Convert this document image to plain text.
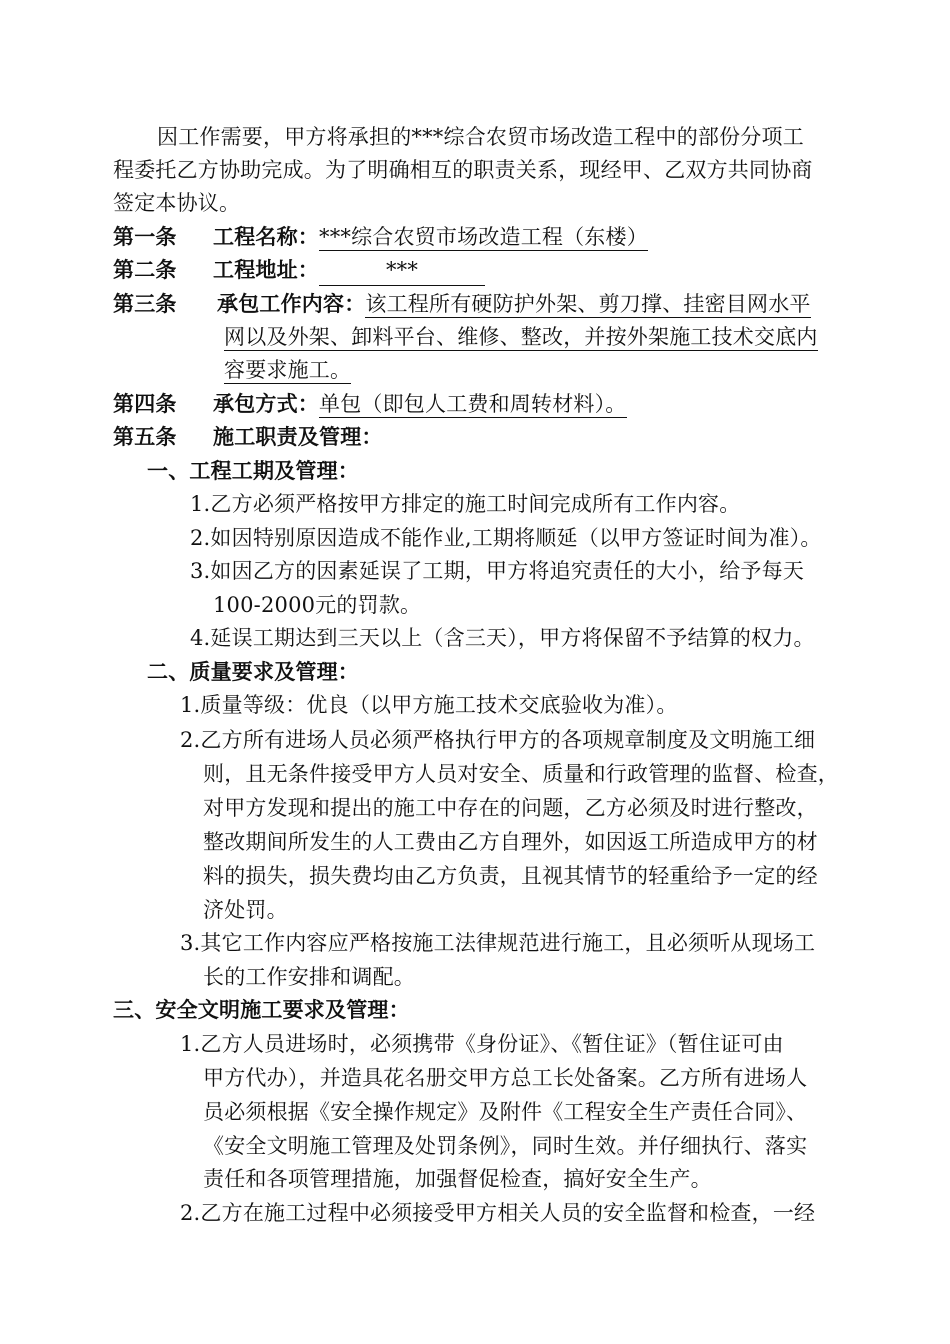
因工作需要，甲方将承担的***综合农贸市场改造工程中的部份分项工
程委托乙方协助完成。为了明确相互的职责关系，现经甲、乙双方共同协商
签定本协议。
第一条 工程名称：***综合农贸市场改造工程（东楼）
第二条 工程地址：	***
第三条 承包工作内容：该工程所有硬防护外架、剪刀撑、挂密目网水平
网以及外架、卸料平台、维修、整改，并按外架施工技术交底内
容要求施工。
第四条 承包方式：单包（即包人工费和周转材料）。
第五条 施工职责及管理：
一、工程工期及管理：
1.乙方必须严格按甲方排定的施工时间完成所有工作内容。
2.如因特别原因造成不能作业,工期将顺延（以甲方签证时间为准）。
3.如因乙方的因素延误了工期，甲方将追究责任的大小，给予每天
100-2000元的罚款。
4.延误工期达到三天以上（含三天），甲方将保留不予结算的权力。
二、质量要求及管理：
1.质量等级：优良（以甲方施工技术交底验收为准）。
2.乙方所有进场人员必须严格执行甲方的各项规章制度及文明施工细
则，且无条件接受甲方人员对安全、质量和行政管理的监督、检查，
对甲方发现和提出的施工中存在的问题，乙方必须及时进行整改，
整改期间所发生的人工费由乙方自理外，如因返工所造成甲方的材
料的损失，损失费均由乙方负责，且视其情节的轻重给予一定的经
济处罚。
3.其它工作内容应严格按施工法律规范进行施工，且必须听从现场工
长的工作安排和调配。
三、安全文明施工要求及管理：
1.乙方人员进场时，必须携带《身份证》、《暂住证》（暂住证可由
甲方代办），并造具花名册交甲方总工长处备案。乙方所有进场人
员必须根据《安全操作规定》及附件《工程安全生产责任合同》、
《安全文明施工管理及处罚条例》，同时生效。并仔细执行、落实
责任和各项管理措施，加强督促检查，搞好安全生产。
2.乙方在施工过程中必须接受甲方相关人员的安全监督和检查，一经
